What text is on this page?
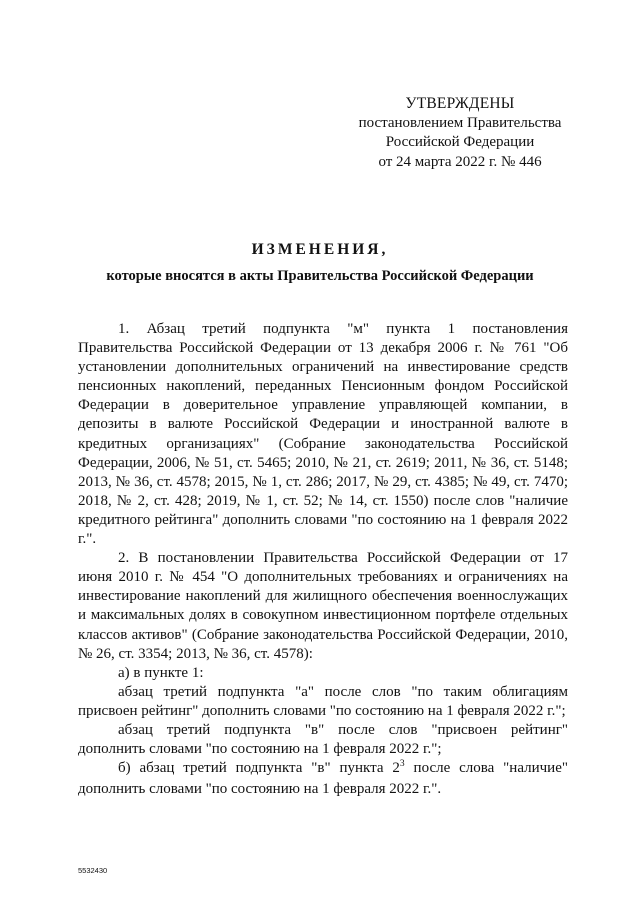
УТВЕРЖДЕНЫ
постановлением Правительства
Российской Федерации
от 24 марта 2022 г. № 446
ИЗМЕНЕНИЯ,
которые вносятся в акты Правительства Российской Федерации

1. Абзац третий подпункта "м" пункта 1 постановления Правительства Российской Федерации от 13 декабря 2006 г. № 761 "Об установлении дополнительных ограничений на инвестирование средств пенсионных накоплений, переданных Пенсионным фондом Российской Федерации в доверительное управление управляющей компании, в депозиты в валюте Российской Федерации и иностранной валюте в кредитных организациях" (Собрание законодательства Российской Федерации, 2006, № 51, ст. 5465; 2010, № 21, ст. 2619; 2011, № 36, ст. 5148; 2013, № 36, ст. 4578; 2015, № 1, ст. 286; 2017, № 29, ст. 4385; № 49, ст. 7470; 2018, № 2, ст. 428; 2019, № 1, ст. 52; № 14, ст. 1550) после слов "наличие кредитного рейтинга" дополнить словами "по состоянию на 1 февраля 2022 г.".

2. В постановлении Правительства Российской Федерации от 17 июня 2010 г. № 454 "О дополнительных требованиях и ограничениях на инвестирование накоплений для жилищного обеспечения военнослужащих и максимальных долях в совокупном инвестиционном портфеле отдельных классов активов" (Собрание законодательства Российской Федерации, 2010, № 26, ст. 3354; 2013, № 36, ст. 4578):

а) в пункте 1:

абзац третий подпункта "а" после слов "по таким облигациям присвоен рейтинг" дополнить словами "по состоянию на 1 февраля 2022 г.";

абзац третий подпункта "в" после слов "присвоен рейтинг" дополнить словами "по состоянию на 1 февраля 2022 г.";

б) абзац третий подпункта "в" пункта $2^3$ после слова "наличие" дополнить словами "по состоянию на 1 февраля 2022 г.".

5532430
